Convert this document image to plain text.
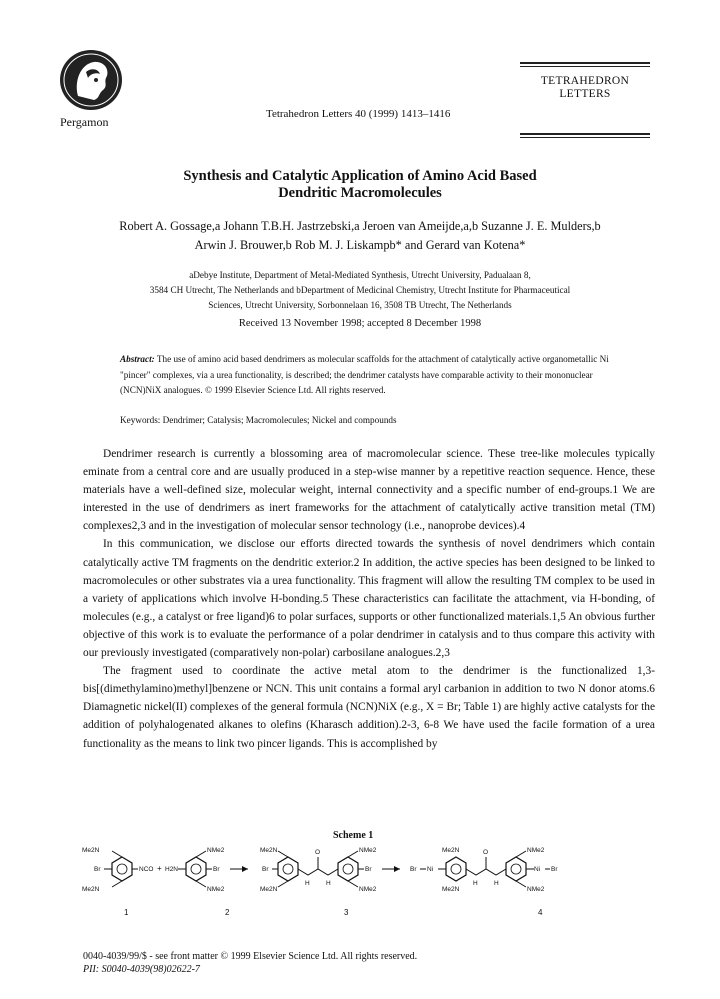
Pergamon
Tetrahedron Letters 40 (1999) 1413–1416
TETRAHEDRON
LETTERS
Synthesis and Catalytic Application of Amino Acid Based
Dendritic Macromolecules
Robert A. Gossage,a Johann T.B.H. Jastrzebski,a Jeroen van Ameijde,a,b Suzanne J. E. Mulders,b
Arwin J. Brouwer,b Rob M. J. Liskampb* and Gerard van Kotena*
aDebye Institute, Department of Metal-Mediated Synthesis, Utrecht University, Padualaan 8,
3584 CH Utrecht, The Netherlands and bDepartment of Medicinal Chemistry, Utrecht Institute for Pharmaceutical
Sciences, Utrecht University, Sorbonnelaan 16, 3508 TB Utrecht, The Netherlands
Received 13 November 1998; accepted 8 December 1998
Abstract: The use of amino acid based dendrimers as molecular scaffolds for the attachment of catalytically active organometallic Ni "pincer" complexes, via a urea functionality, is described; the dendrimer catalysts have comparable activity to their mononuclear (NCN)NiX analogues. © 1999 Elsevier Science Ltd. All rights reserved.
Keywords: Dendrimer; Catalysis; Macromolecules; Nickel and compounds

Dendrimer research is currently a blossoming area of macromolecular science. These tree-like molecules typically eminate from a central core and are usually produced in a step-wise manner by a repetitive reaction sequence. Hence, these materials have a well-defined size, molecular weight, internal connectivity and a specific number of end-groups.1 We are interested in the use of dendrimers as inert frameworks for the attachment of catalytically active transition metal (TM) complexes2,3 and in the investigation of molecular sensor technology (i.e., nanoprobe devices).4

In this communication, we disclose our efforts directed towards the synthesis of novel dendrimers which contain catalytically active TM fragments on the dendritic exterior.2 In addition, the active species has been designed to be linked to macromolecules or other substrates via a urea functionality. This fragment will allow the resulting TM complex to be used in a variety of applications which involve H-bonding.5 These characteristics can facilitate the attachment, via H-bonding, of molecules (e.g., a catalyst or free ligand)6 to polar surfaces, supports or other functionalized materials.1,5 An obvious further objective of this work is to evaluate the performance of a polar dendrimer in catalysis and to thus compare this activity with our previously investigated (comparatively non-polar) carbosilane analogues.2,3

The fragment used to coordinate the active metal atom to the dendrimer is the functionalized 1,3-bis[(dimethylamino)methyl]benzene or NCN. This unit contains a formal aryl carbanion in addition to two N donor atoms.6 Diamagnetic nickel(II) complexes of the general formula (NCN)NiX (e.g., X = Br; Table 1) are highly active catalysts for the addition of polyhalogenated alkanes to olefins (Kharasch addition).2-3, 6-8 We have used the facile formation of a urea functionality as the means to link two pincer ligands. This is accomplished by

Scheme 1
Me2N
Me2N
Br	NCO
1
+ H2N
NMe2
NMe2
Br
2
Me2N
Me2N
Br
O
H	H
NMe2
NMe2
Br
3
Me2N
Me2N
Br Ni
O
H	H
NMe2
NMe2
Ni Br
4
0040-4039/99/$ - see front matter © 1999 Elsevier Science Ltd. All rights reserved.
PII: S0040-4039(98)02622-7
